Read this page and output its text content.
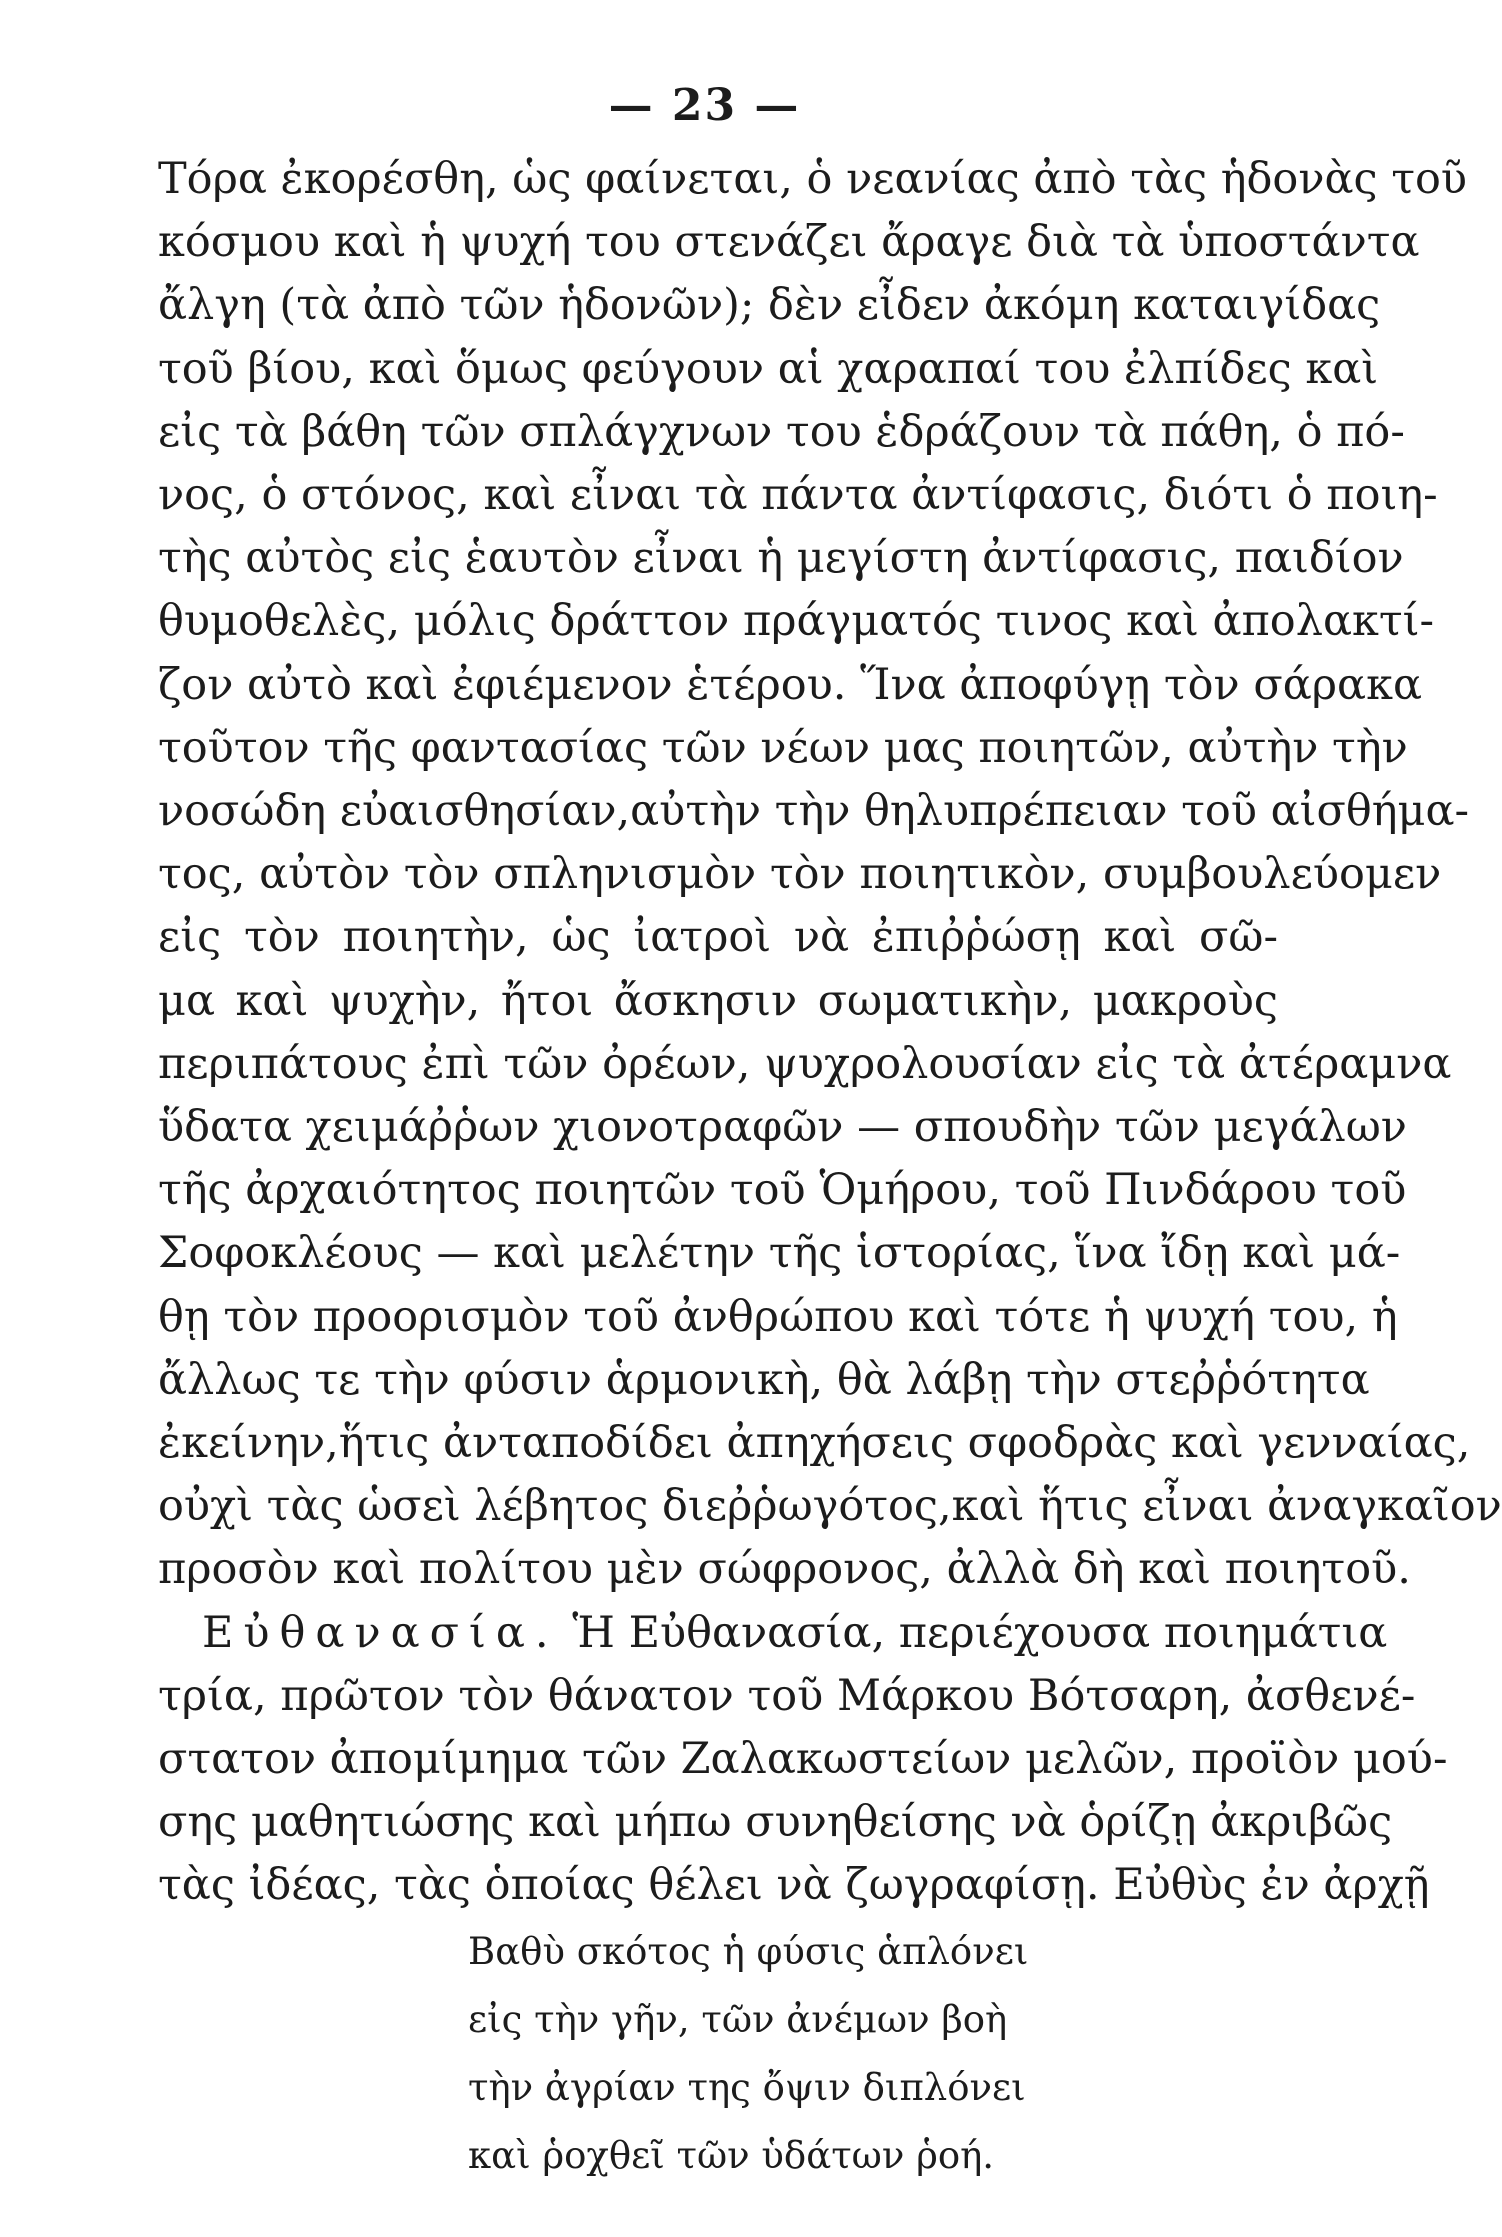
— 23 —
Τόρα ἐκορέσθη, ὡς φαίνεται, ὁ νεανίας ἀπὸ τὰς ἡδονὰς τοῦ
κόσμου καὶ ἡ ψυχή του στενάζει ἄραγε διὰ τὰ ὑποστάντα
ἄλγη (τὰ ἀπὸ τῶν ἡδονῶν); δὲν εἶδεν ἀκόμη καταιγίδας
τοῦ βίου, καὶ ὅμως φεύγουν αἱ χαραπαί του ἐλπίδες καὶ
εἰς τὰ βάθη τῶν σπλάγχνων του ἑδράζουν τὰ πάθη, ὁ πό-
νος, ὁ στόνος, καὶ εἶναι τὰ πάντα ἀντίφασις, διότι ὁ ποιη-
τὴς αὐτὸς εἰς ἑαυτὸν εἶναι ἡ μεγίστη ἀντίφασις, παιδίον
θυμοθελὲς, μόλις δράττον πράγματός τινος καὶ ἀπολακτί-
ζον αὐτὸ καὶ ἐφιέμενον ἑτέρου. Ἵνα ἀποφύγῃ τὸν σάρακα
τοῦτον τῆς φαντασίας τῶν νέων μας ποιητῶν, αὐτὴν τὴν
νοσώδη εὐαισθησίαν,αὐτὴν τὴν θηλυπρέπειαν τοῦ αἰσθήμα-
τος, αὐτὸν τὸν σπληνισμὸν τὸν ποιητικὸν, συμβουλεύομεν
εἰς τὸν ποιητὴν, ὡς ἰατροὶ νὰ ἐπιῤῥώσῃ καὶ σῶ-
μα καὶ ψυχὴν, ἤτοι ἄσκησιν σωματικὴν, μακροὺς
περιπάτους ἐπὶ τῶν ὀρέων, ψυχρολουσίαν εἰς τὰ ἀτέραμνα
ὕδατα χειμάῤῥων χιονοτραφῶν — σπουδὴν τῶν μεγάλων
τῆς ἀρχαιότητος ποιητῶν τοῦ Ὁμήρου, τοῦ Πινδάρου τοῦ
Σοφοκλέους — καὶ μελέτην τῆς ἱστορίας, ἵνα ἴδῃ καὶ μά-
θῃ τὸν προορισμὸν τοῦ ἀνθρώπου καὶ τότε ἡ ψυχή του, ἡ
ἄλλως τε τὴν φύσιν ἁρμονικὴ, θὰ λάβῃ τὴν στεῤῥότητα
ἐκείνην,ἥτις ἀνταποδίδει ἀπηχήσεις σφοδρὰς καὶ γενναίας,
οὐχὶ τὰς ὡσεὶ λέβητος διεῤῥωγότος,καὶ ἥτις εἶναι ἀναγκαῖον
προσὸν καὶ πολίτου μὲν σώφρονος, ἀλλὰ δὴ καὶ ποιητοῦ.
Εὐθανασία. Ἡ Εὐθανασία, περιέχουσα ποιημάτια
τρία, πρῶτον τὸν θάνατον τοῦ Μάρκου Βότσαρη, ἀσθενέ-
στατον ἀπομίμημα τῶν Ζαλακωστείων μελῶν, προϊὸν μού-
σης μαθητιώσης καὶ μήπω συνηθείσης νὰ ὁρίζῃ ἀκριβῶς
τὰς ἰδέας, τὰς ὁποίας θέλει νὰ ζωγραφίσῃ. Εὐθὺς ἐν ἀρχῇ
Βαθὺ σκότος ἡ φύσις ἁπλόνει
εἰς τὴν γῆν, τῶν ἀνέμων βοὴ
τὴν ἀγρίαν της ὄψιν διπλόνει
καὶ ῥοχθεῖ τῶν ὑδάτων ῥοή.
